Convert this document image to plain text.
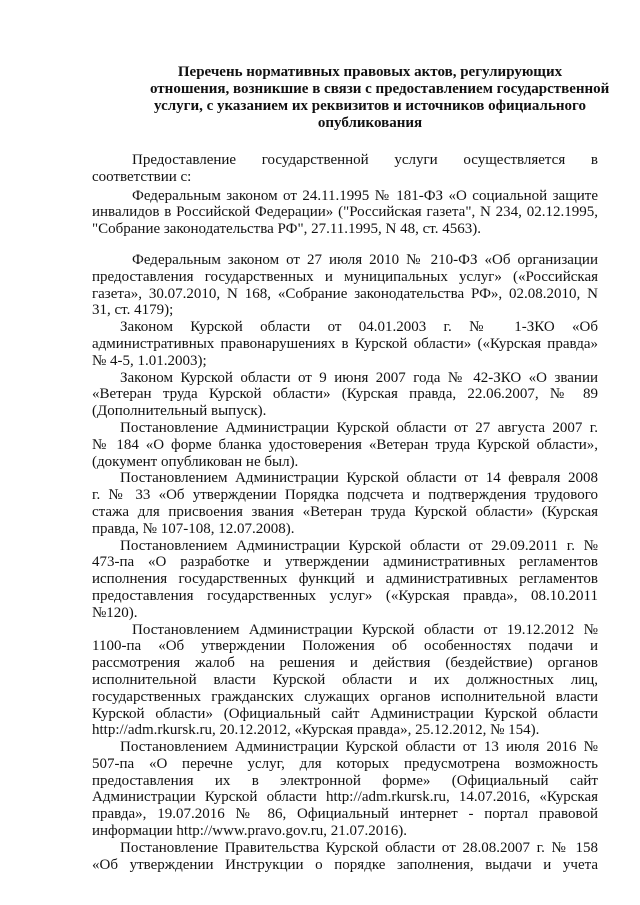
Перечень нормативных правовых актов, регулирующих
отношения, возникшие в связи с предоставлением государственной
услуги, с указанием их реквизитов и источников официального
опубликования
Предоставление государственной услуги осуществляется в
соответствии с:
Федеральным законом от 24.11.1995 № 181-ФЗ «О социальной защите
инвалидов в Российской Федерации» ("Российская газета", N 234, 02.12.1995,
"Собрание законодательства РФ", 27.11.1995, N 48, ст. 4563).
Федеральным законом от 27 июля 2010 № 210-ФЗ «Об организации
предоставления государственных и муниципальных услуг» («Российская
газета», 30.07.2010, N 168, «Собрание законодательства РФ», 02.08.2010, N
31, ст. 4179);
Законом Курской области от 04.01.2003 г. № 1-ЗКО «Об
административных правонарушениях в Курской области» («Курская правда»
№ 4-5, 1.01.2003);
Законом Курской области от 9 июня 2007 года № 42-ЗКО «О звании
«Ветеран труда Курской области» (Курская правда, 22.06.2007, № 89
(Дополнительный выпуск).
Постановление Администрации Курской области от 27 августа 2007 г.
№ 184 «О форме бланка удостоверения «Ветеран труда Курской области»,
(документ опубликован не был).
Постановлением Администрации Курской области от 14 февраля 2008
г. № 33 «Об утверждении Порядка подсчета и подтверждения трудового
стажа для присвоения звания «Ветеран труда Курской области» (Курская
правда, № 107-108, 12.07.2008).
Постановлением Администрации Курской области от 29.09.2011 г. №
473-па «О разработке и утверждении административных регламентов
исполнения государственных функций и административных регламентов
предоставления государственных услуг» («Курская правда», 08.10.2011
№120).
Постановлением Администрации Курской области от 19.12.2012 №
1100-па «Об утверждении Положения об особенностях подачи и
рассмотрения жалоб на решения и действия (бездействие) органов
исполнительной власти Курской области и их должностных лиц,
государственных гражданских служащих органов исполнительной власти
Курской области» (Официальный сайт Администрации Курской области
http://adm.rkursk.ru, 20.12.2012, «Курская правда», 25.12.2012, № 154).
Постановлением Администрации Курской области от 13 июля 2016 №
507-па «О перечне услуг, для которых предусмотрена возможность
предоставления их в электронной форме» (Официальный сайт
Администрации Курской области http://adm.rkursk.ru, 14.07.2016, «Курская
правда», 19.07.2016 № 86, Официальный интернет - портал правовой
информации http://www.pravo.gov.ru, 21.07.2016).
Постановление Правительства Курской области от 28.08.2007 г. № 158
«Об утверждении Инструкции о порядке заполнения, выдачи и учета
